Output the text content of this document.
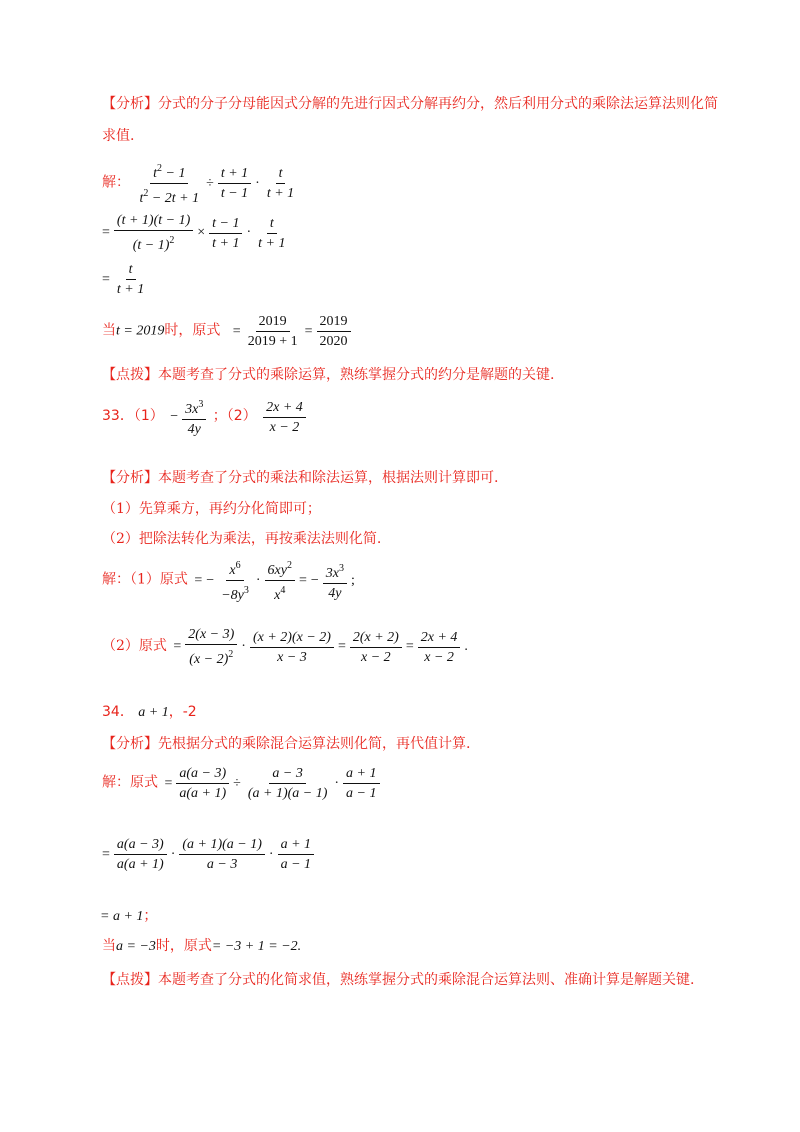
【分析】分式的分子分母能因式分解的先进行因式分解再约分，然后利用分式的乘除法运算法则化简
求值.
解： $\frac{t^2 - 1}{t^2 - 2t + 1} \div \frac{t + 1}{t - 1} \cdot \frac{t}{t + 1}$
= $\frac{(t + 1)(t - 1)}{(t - 1)^2} \times \frac{t - 1}{t + 1} \cdot \frac{t}{t + 1}$
= $\frac{t}{t + 1}$
当t = 2019时，原式 = $\frac{2019}{2019 + 1} = \frac{2019}{2020}$
【点拨】本题考查了分式的乘除运算，熟练掌握分式的约分是解题的关键.
33．$(1) - \frac{3x^3}{4y}$ ；$(2) \frac{2x + 4}{x - 2}$
【分析】本题考查了分式的乘法和除法运算，根据法则计算即可.
（1）先算乘方，再约分化简即可；
（2）把除法转化为乘法，再按乘法法则化简.
解：（1）原式 = − $\frac{x^6}{-8y^3} \cdot \frac{6xy^2}{x^4}$ = − $\frac{3x^3}{4y}$ ;
（2）原式 = $\frac{2(x - 3)}{(x - 2)^2} \cdot \frac{(x + 2)(x - 2)}{x - 3} = \frac{2(x + 2)}{x - 2} = \frac{2x + 4}{x - 2}$ .
34． a + 1，-2
【分析】先根据分式的乘除混合运算法则化简，再代值计算.
解：原式 = $\frac{a(a - 3)}{a(a + 1)} \div \frac{a - 3}{(a + 1)(a - 1)} \cdot \frac{a + 1}{a - 1}$
= $\frac{a(a - 3)}{a(a + 1)} \cdot \frac{(a + 1)(a - 1)}{a - 3} \cdot \frac{a + 1}{a - 1}$
= a + 1；
当a = −3时，原式= −3 + 1 = −2.
【点拨】本题考查了分式的化简求值，熟练掌握分式的乘除混合运算法则、准确计算是解题关键.
